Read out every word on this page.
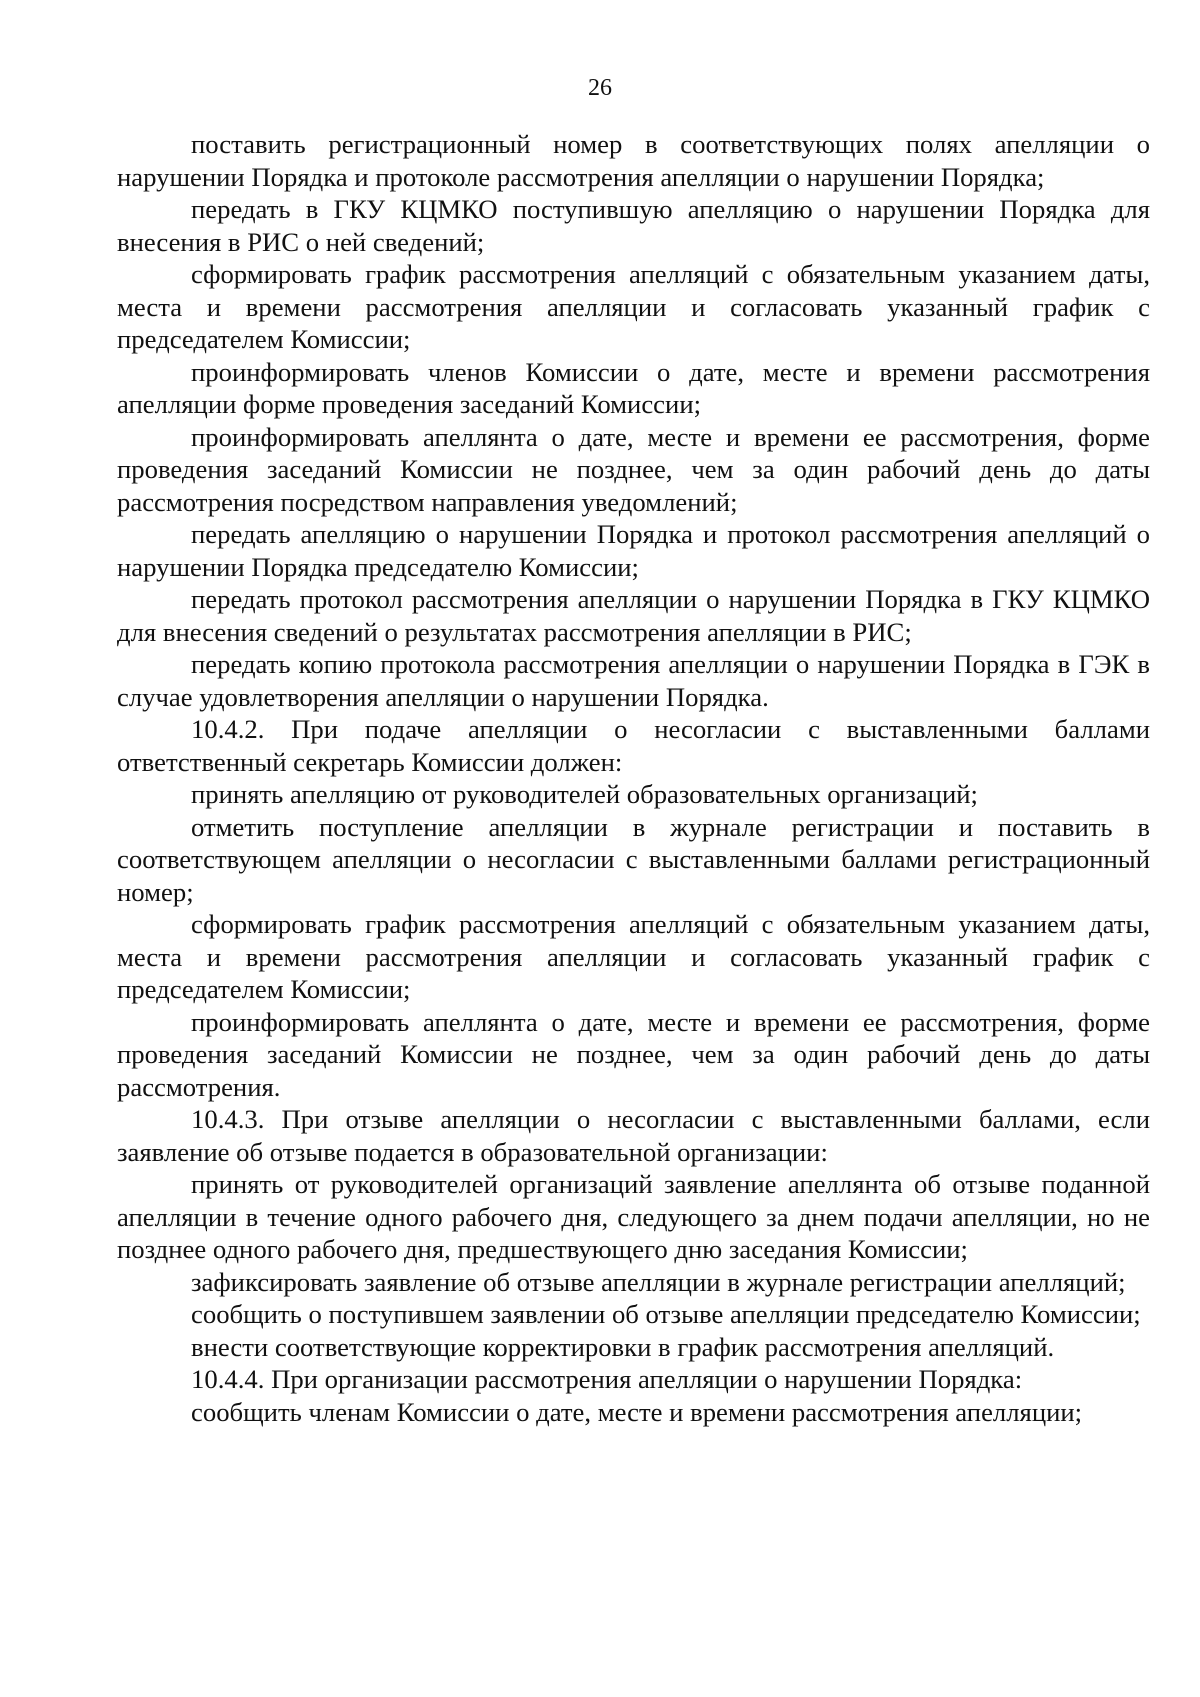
26

поставить регистрационный номер в соответствующих полях апелляции о нарушении Порядка и протоколе рассмотрения апелляции о нарушении Порядка;

передать в ГКУ КЦМКО поступившую апелляцию о нарушении Порядка для внесения в РИС о ней сведений;

сформировать график рассмотрения апелляций с обязательным указанием даты, места и времени рассмотрения апелляции и согласовать указанный график с председателем Комиссии;

проинформировать членов Комиссии о дате, месте и времени рассмотрения апелляции форме проведения заседаний Комиссии;

проинформировать апеллянта о дате, месте и времени ее рассмотрения, форме проведения заседаний Комиссии не позднее, чем за один рабочий день до даты рассмотрения посредством направления уведомлений;

передать апелляцию о нарушении Порядка и протокол рассмотрения апелляций о нарушении Порядка председателю Комиссии;

передать протокол рассмотрения апелляции о нарушении Порядка в ГКУ КЦМКО для внесения сведений о результатах рассмотрения апелляции в РИС;

передать копию протокола рассмотрения апелляции о нарушении Порядка в ГЭК в случае удовлетворения апелляции о нарушении Порядка.

10.4.2. При подаче апелляции о несогласии с выставленными баллами ответственный секретарь Комиссии должен:

принять апелляцию от руководителей образовательных организаций;

отметить поступление апелляции в журнале регистрации и поставить в соответствующем апелляции о несогласии с выставленными баллами регистрационный номер;

сформировать график рассмотрения апелляций с обязательным указанием даты, места и времени рассмотрения апелляции и согласовать указанный график с председателем Комиссии;

проинформировать апеллянта о дате, месте и времени ее рассмотрения, форме проведения заседаний Комиссии не позднее, чем за один рабочий день до даты рассмотрения.

10.4.3. При отзыве апелляции о несогласии с выставленными баллами, если заявление об отзыве подается в образовательной организации:

принять от руководителей организаций заявление апеллянта об отзыве поданной апелляции в течение одного рабочего дня, следующего за днем подачи апелляции, но не позднее одного рабочего дня, предшествующего дню заседания Комиссии;

зафиксировать заявление об отзыве апелляции в журнале регистрации апелляций;

сообщить о поступившем заявлении об отзыве апелляции председателю Комиссии;

внести соответствующие корректировки в график рассмотрения апелляций.

10.4.4. При организации рассмотрения апелляции о нарушении Порядка:

сообщить членам Комиссии о дате, месте и времени рассмотрения апелляции;
